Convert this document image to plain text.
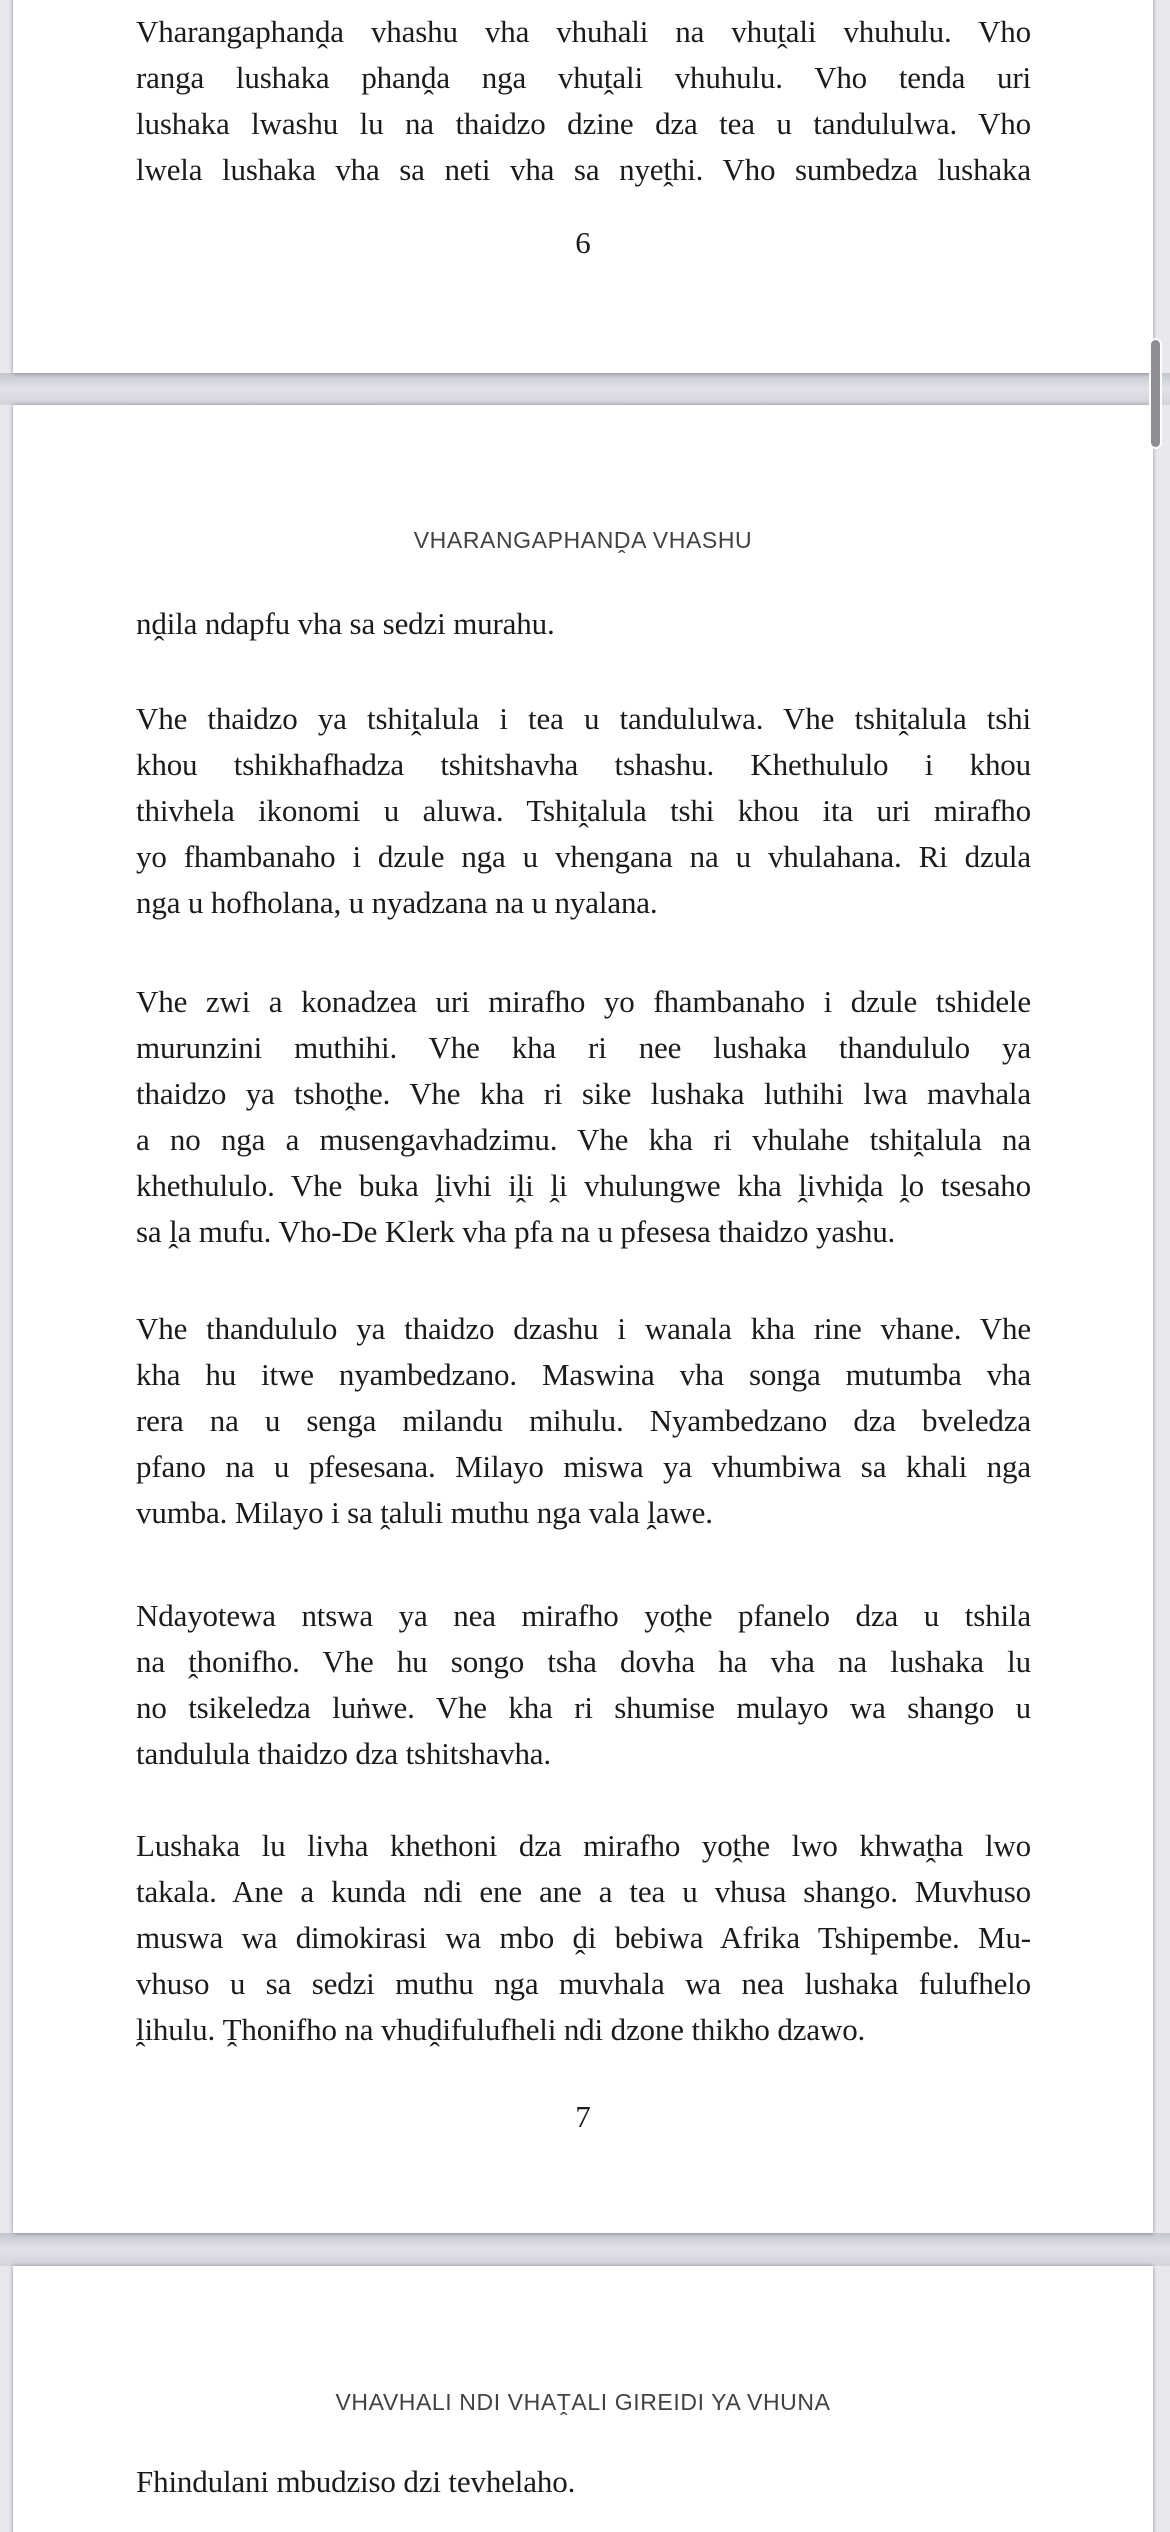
6
Vharangaphanḓa vhashu vha vhuhali na vhuṱali vhuhulu. Vho
ranga lushaka phanḓa nga vhuṱali vhuhulu. Vho tenda uri
lushaka lwashu lu na thaidzo dzine dza tea u tandululwa. Vho
lwela lushaka vha sa neti vha sa nyeṱhi. Vho sumbedza lushaka
VHARANGAPHANḒA VHASHU
7
nḓila ndapfu vha sa sedzi murahu.
Vhe thaidzo ya tshiṱalula i tea u tandululwa. Vhe tshiṱalula tshi
khou tshikhafhadza tshitshavha tshashu. Khethululo i khou
thivhela ikonomi u aluwa. Tshiṱalula tshi khou ita uri mirafho
yo fhambanaho i dzule nga u vhengana na u vhulahana. Ri dzula
nga u hofholana, u nyadzana na u nyalana.
Vhe zwi a konadzea uri mirafho yo fhambanaho i dzule tshidele
murunzini muthihi. Vhe kha ri nee lushaka thandululo ya
thaidzo ya tshoṱhe. Vhe kha ri sike lushaka luthihi lwa mavhala
a no nga a musengavhadzimu. Vhe kha ri vhulahe tshiṱalula na
khethululo. Vhe buka ḽivhi iḽi ḽi vhulungwe kha ḽivhiḓa ḽo tsesaho
sa ḽa mufu. Vho-De Klerk vha pfa na u pfesesa thaidzo yashu.
Vhe thandululo ya thaidzo dzashu i wanala kha rine vhane. Vhe
kha hu itwe nyambedzano. Maswina vha songa mutumba vha
rera na u senga milandu mihulu. Nyambedzano dza bveledza
pfano na u pfesesana. Milayo miswa ya vhumbiwa sa khali nga
vumba. Milayo i sa ṱaluli muthu nga vala ḽawe.
Ndayotewa ntswa ya nea mirafho yoṱhe pfanelo dza u tshila
na ṱhonifho. Vhe hu songo tsha dovha ha vha na lushaka lu
no tsikeledza luṅwe. Vhe kha ri shumise mulayo wa shango u
tandulula thaidzo dza tshitshavha.
Lushaka lu livha khethoni dza mirafho yoṱhe lwo khwaṱha lwo
takala. Ane a kunda ndi ene ane a tea u vhusa shango. Muvhuso
muswa wa dimokirasi wa mbo ḓi bebiwa Afrika Tshipembe. Mu-
vhuso u sa sedzi muthu nga muvhala wa nea lushaka fulufhelo
ḽihulu. Ṱhonifho na vhuḓifulufheli ndi dzone thikho dzawo.
VHAVHALI NDI VHAṰALI GIREIDI YA VHUNA
Fhindulani mbudziso dzi tevhelaho.
